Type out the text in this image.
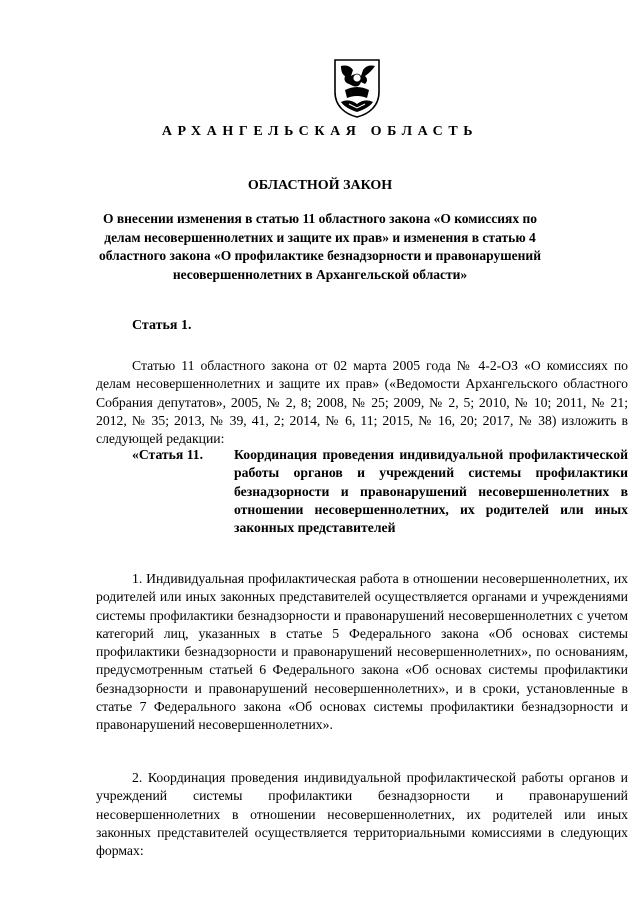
АРХАНГЕЛЬСКАЯ ОБЛАСТЬ
ОБЛАСТНОЙ ЗАКОН
О внесении изменения в статью 11 областного закона «О комиссиях по делам несовершеннолетних и защите их прав» и изменения в статью 4 областного закона «О профилактике безнадзорности и правонарушений несовершеннолетних в Архангельской области»
Статья 1.
Статью 11 областного закона от 02 марта 2005 года № 4-2-ОЗ «О комиссиях по делам несовершеннолетних и защите их прав» («Ведомости Архангельского областного Собрания депутатов», 2005, № 2, 8; 2008, № 25; 2009, № 2, 5; 2010, № 10; 2011, № 21; 2012, № 35; 2013, № 39, 41, 2; 2014, № 6, 11; 2015, № 16, 20; 2017, № 38) изложить в следующей редакции:
«Статья 11.	Координация проведения индивидуальной профилактической работы органов и учреждений системы профилактики безнадзорности и правонарушений несовершеннолетних в отношении несовершеннолетних, их родителей или иных законных представителей
1. Индивидуальная профилактическая работа в отношении несовершеннолетних, их родителей или иных законных представителей осуществляется органами и учреждениями системы профилактики безнадзорности и правонарушений несовершеннолетних с учетом категорий лиц, указанных в статье 5 Федерального закона «Об основах системы профилактики безнадзорности и правонарушений несовершеннолетних», по основаниям, предусмотренным статьей 6 Федерального закона «Об основах системы профилактики безнадзорности и правонарушений несовершеннолетних», и в сроки, установленные в статье 7 Федерального закона «Об основах системы профилактики безнадзорности и правонарушений несовершеннолетних».
2. Координация проведения индивидуальной профилактической работы органов и учреждений системы профилактики безнадзорности и правонарушений несовершеннолетних в отношении несовершеннолетних, их родителей или иных законных представителей осуществляется территориальными комиссиями в следующих формах:
